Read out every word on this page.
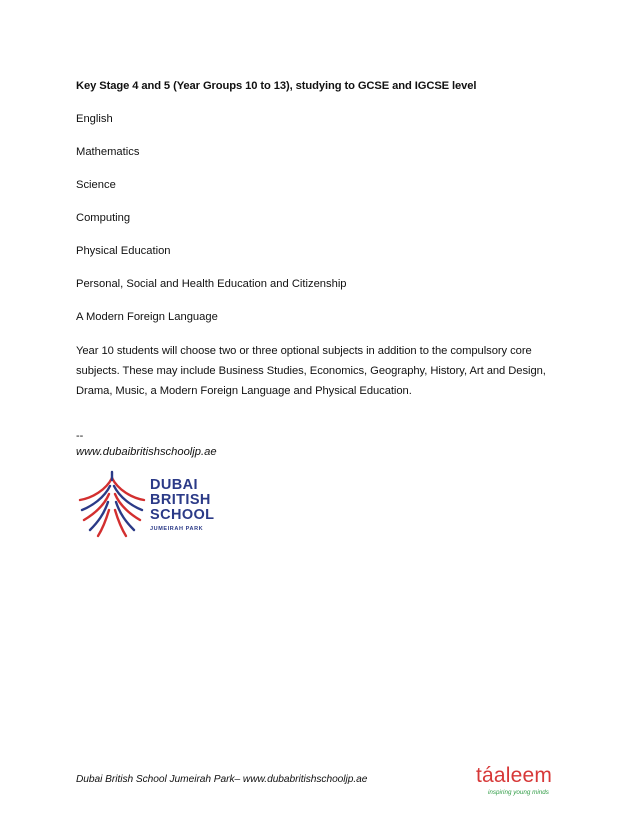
Key Stage 4 and 5 (Year Groups 10 to 13), studying to GCSE and IGCSE level

English

Mathematics

Science

Computing

Physical Education

Personal, Social and Health Education and Citizenship

A Modern Foreign Language

Year 10 students will choose two or three optional subjects in addition to the compulsory core subjects. These may include Business Studies, Economics, Geography, History, Art and Design, Drama, Music, a Modern Foreign Language and Physical Education.

--
www.dubaibritishschooljp.ae
DUBAI
BRITISH
SCHOOL
JUMEIRAH PARK
Dubai British School Jumeirah Park– www.dubabritishschooljp.ae	táaleem
inspiring young minds
